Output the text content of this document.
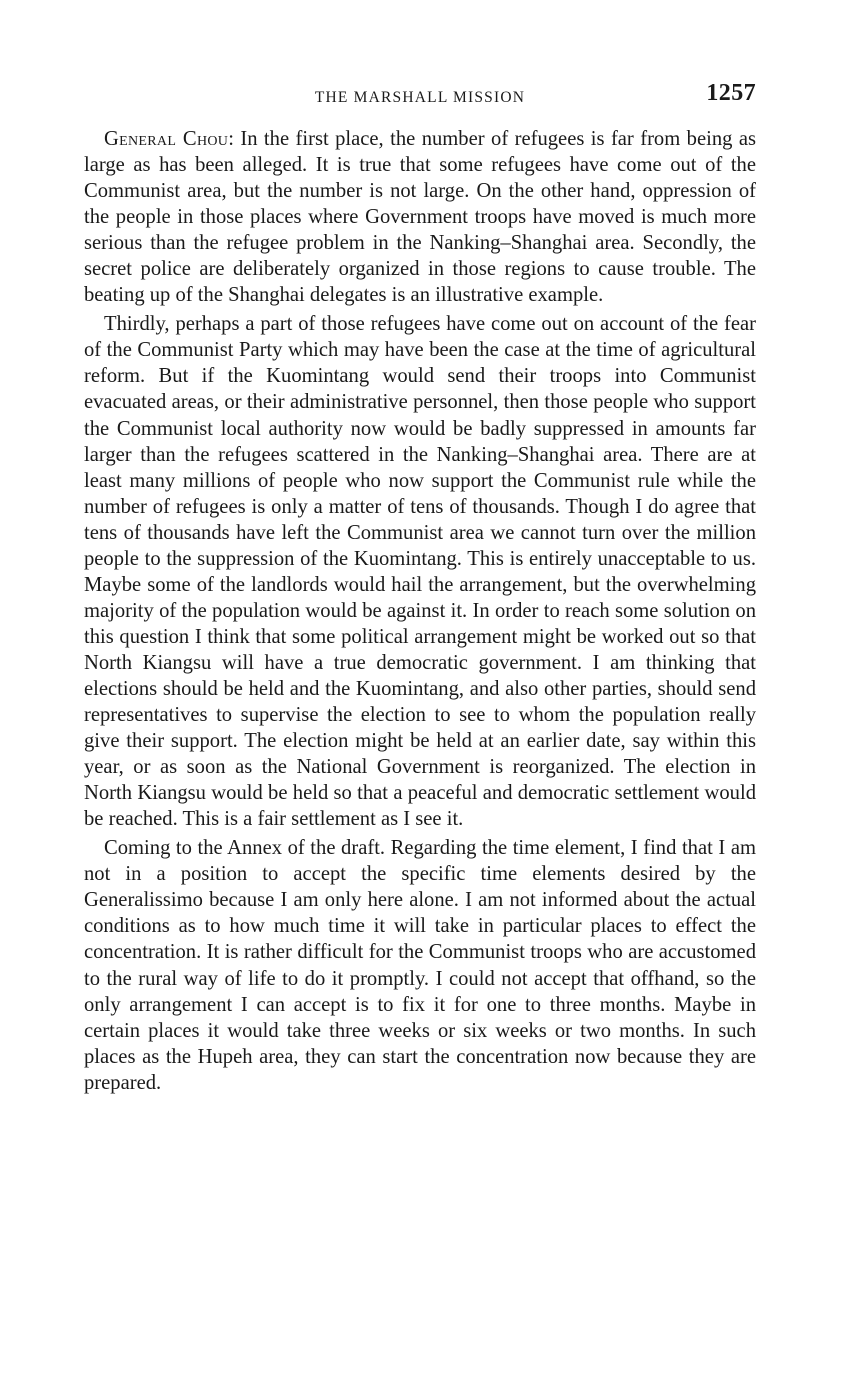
THE MARSHALL MISSION	1257

General Chou: In the first place, the number of refugees is far from being as large as has been alleged. It is true that some refugees have come out of the Communist area, but the number is not large. On the other hand, oppression of the people in those places where Government troops have moved is much more serious than the refugee problem in the Nanking–Shanghai area. Secondly, the secret police are deliberately organized in those regions to cause trouble. The beating up of the Shanghai delegates is an illustrative example.

Thirdly, perhaps a part of those refugees have come out on account of the fear of the Communist Party which may have been the case at the time of agricultural reform. But if the Kuomintang would send their troops into Communist evacuated areas, or their administrative personnel, then those people who support the Communist local authority now would be badly suppressed in amounts far larger than the refugees scattered in the Nanking–Shanghai area. There are at least many millions of people who now support the Communist rule while the number of refugees is only a matter of tens of thousands. Though I do agree that tens of thousands have left the Communist area we cannot turn over the million people to the suppression of the Kuomintang. This is entirely unacceptable to us. Maybe some of the landlords would hail the arrangement, but the overwhelming majority of the population would be against it. In order to reach some solution on this question I think that some political arrangement might be worked out so that North Kiangsu will have a true democratic government. I am thinking that elections should be held and the Kuomintang, and also other parties, should send representatives to supervise the election to see to whom the population really give their support. The election might be held at an earlier date, say within this year, or as soon as the National Government is reorganized. The election in North Kiangsu would be held so that a peaceful and democratic settlement would be reached. This is a fair settlement as I see it.

Coming to the Annex of the draft. Regarding the time element, I find that I am not in a position to accept the specific time elements desired by the Generalissimo because I am only here alone. I am not informed about the actual conditions as to how much time it will take in particular places to effect the concentration. It is rather difficult for the Communist troops who are accustomed to the rural way of life to do it promptly. I could not accept that offhand, so the only arrangement I can accept is to fix it for one to three months. Maybe in certain places it would take three weeks or six weeks or two months. In such places as the Hupeh area, they can start the concentration now because they are prepared.
